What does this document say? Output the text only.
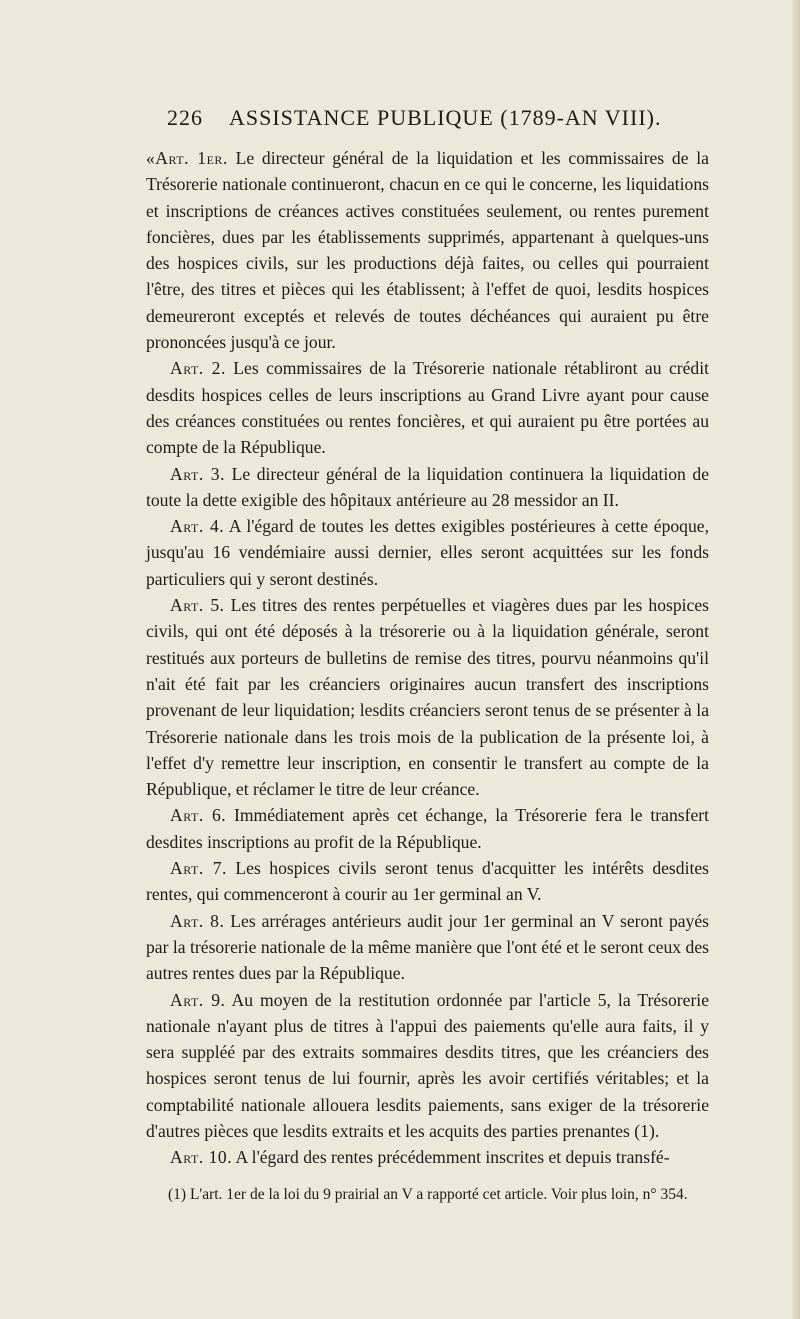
226 ASSISTANCE PUBLIQUE (1789-AN VIII).

«Art. 1er. Le directeur général de la liquidation et les commissaires de la Trésorerie nationale continueront, chacun en ce qui le concerne, les liquidations et inscriptions de créances actives constituées seulement, ou rentes purement foncières, dues par les établissements supprimés, appartenant à quelques-uns des hospices civils, sur les productions déjà faites, ou celles qui pourraient l'être, des titres et pièces qui les établissent; à l'effet de quoi, lesdits hospices demeureront exceptés et relevés de toutes déchéances qui auraient pu être prononcées jusqu'à ce jour.

Art. 2. Les commissaires de la Trésorerie nationale rétabliront au crédit desdits hospices celles de leurs inscriptions au Grand Livre ayant pour cause des créances constituées ou rentes foncières, et qui auraient pu être portées au compte de la République.

Art. 3. Le directeur général de la liquidation continuera la liquidation de toute la dette exigible des hôpitaux antérieure au 28 messidor an II.

Art. 4. A l'égard de toutes les dettes exigibles postérieures à cette époque, jusqu'au 16 vendémiaire aussi dernier, elles seront acquittées sur les fonds particuliers qui y seront destinés.

Art. 5. Les titres des rentes perpétuelles et viagères dues par les hospices civils, qui ont été déposés à la trésorerie ou à la liquidation générale, seront restitués aux porteurs de bulletins de remise des titres, pourvu néanmoins qu'il n'ait été fait par les créanciers originaires aucun transfert des inscriptions provenant de leur liquidation; lesdits créanciers seront tenus de se présenter à la Trésorerie nationale dans les trois mois de la publication de la présente loi, à l'effet d'y remettre leur inscription, en consentir le transfert au compte de la République, et réclamer le titre de leur créance.

Art. 6. Immédiatement après cet échange, la Trésorerie fera le transfert desdites inscriptions au profit de la République.

Art. 7. Les hospices civils seront tenus d'acquitter les intérêts desdites rentes, qui commenceront à courir au 1er germinal an V.

Art. 8. Les arrérages antérieurs audit jour 1er germinal an V seront payés par la trésorerie nationale de la même manière que l'ont été et le seront ceux des autres rentes dues par la République.

Art. 9. Au moyen de la restitution ordonnée par l'article 5, la Trésorerie nationale n'ayant plus de titres à l'appui des paiements qu'elle aura faits, il y sera suppléé par des extraits sommaires desdits titres, que les créanciers des hospices seront tenus de lui fournir, après les avoir certifiés véritables; et la comptabilité nationale allouera lesdits paiements, sans exiger de la trésorerie d'autres pièces que lesdits extraits et les acquits des parties prenantes (1).

Art. 10. A l'égard des rentes précédemment inscrites et depuis transfé-

(1) L'art. 1er de la loi du 9 prairial an V a rapporté cet article. Voir plus loin, n° 354.
